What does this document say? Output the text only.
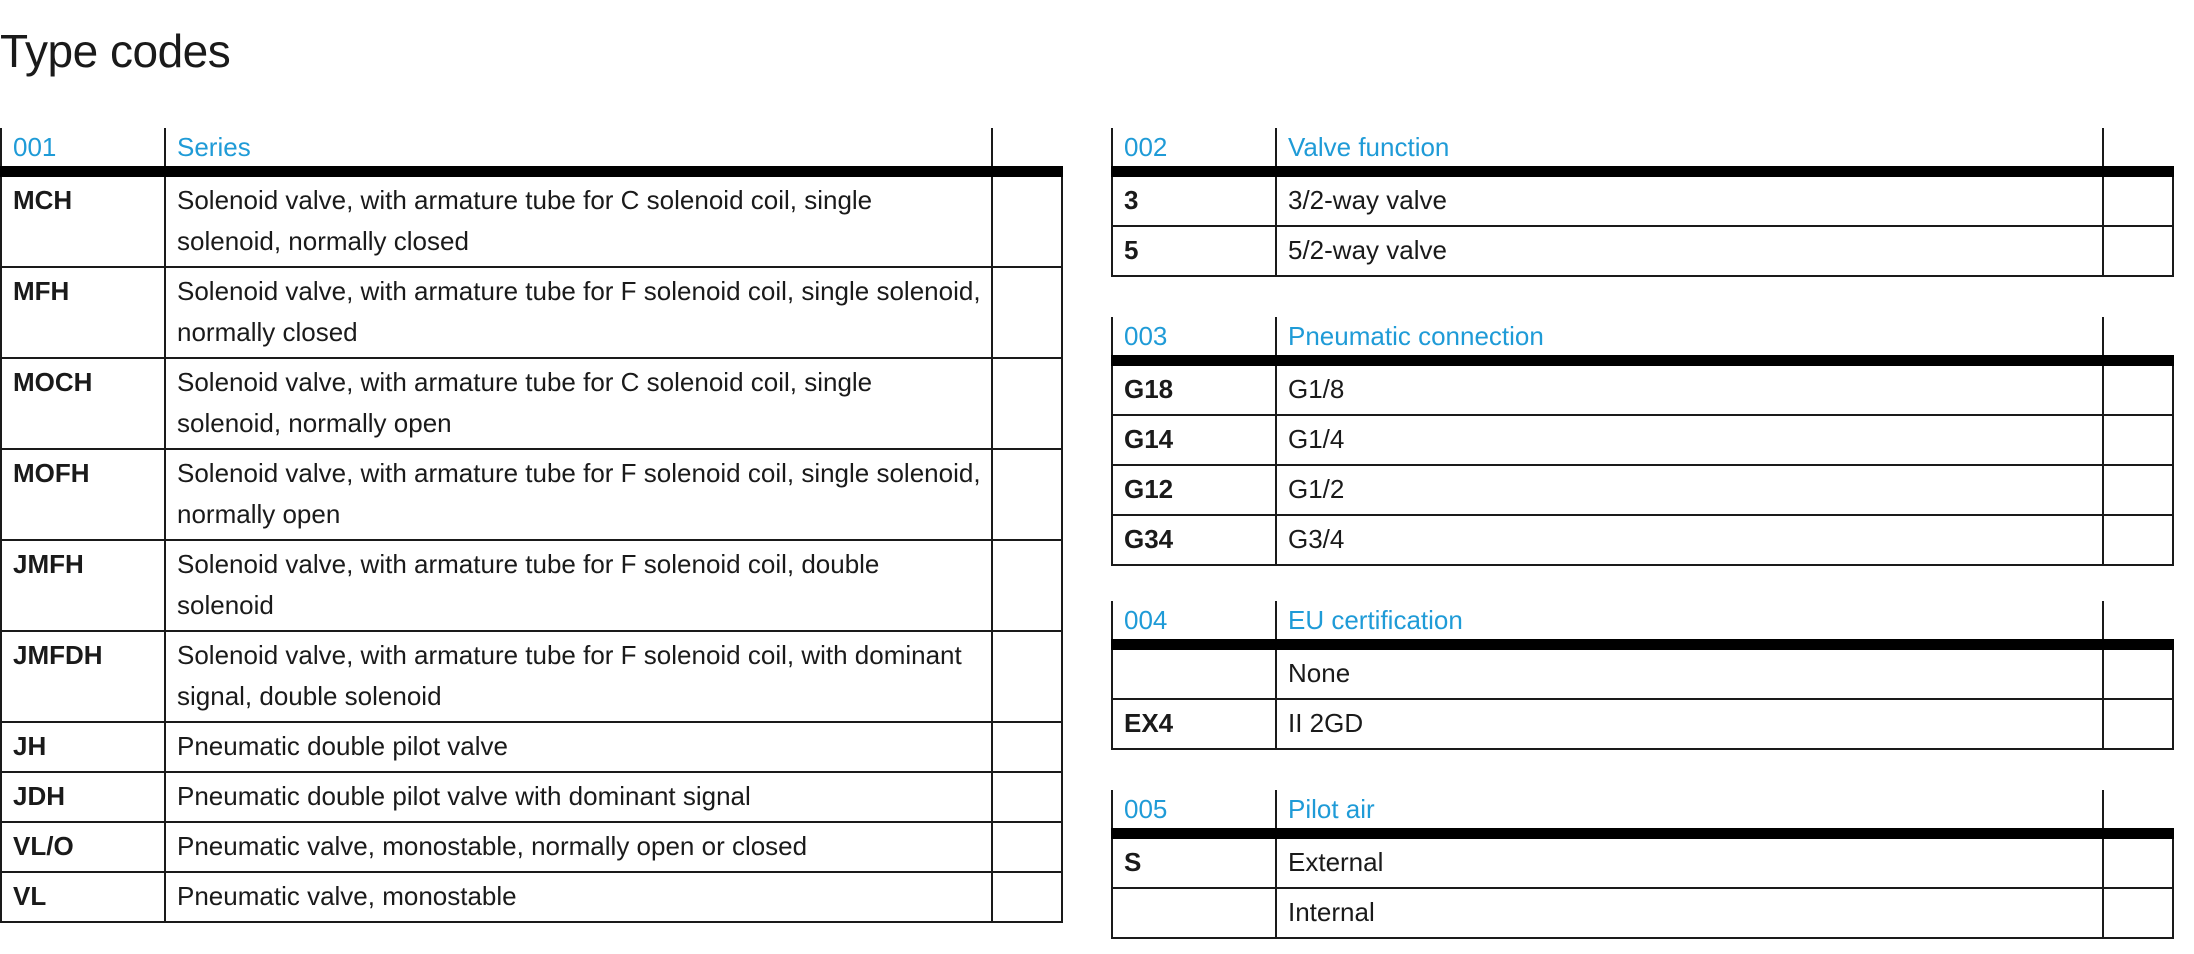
Type codes
001	Series	
MCH	Solenoid valve, with armature tube for C solenoid coil, single solenoid, normally closed	
MFH	Solenoid valve, with armature tube for F solenoid coil, single solenoid, normally closed	
MOCH	Solenoid valve, with armature tube for C solenoid coil, single solenoid, normally open	
MOFH	Solenoid valve, with armature tube for F solenoid coil, single solenoid, normally open	
JMFH	Solenoid valve, with armature tube for F solenoid coil, double solenoid	
JMFDH	Solenoid valve, with armature tube for F solenoid coil, with dominant signal, double solenoid	
JH	Pneumatic double pilot valve	
JDH	Pneumatic double pilot valve with dominant signal	
VL/O	Pneumatic valve, monostable, normally open or closed	
VL	Pneumatic valve, monostable	
002	Valve function	
3	3/2-way valve	
5	5/2-way valve	
003	Pneumatic connection	
G18	G1/8	
G14	G1/4	
G12	G1/2	
G34	G3/4	
004	EU certification	
	None	
EX4	II 2GD	
005	Pilot air	
S	External	
	Internal	
